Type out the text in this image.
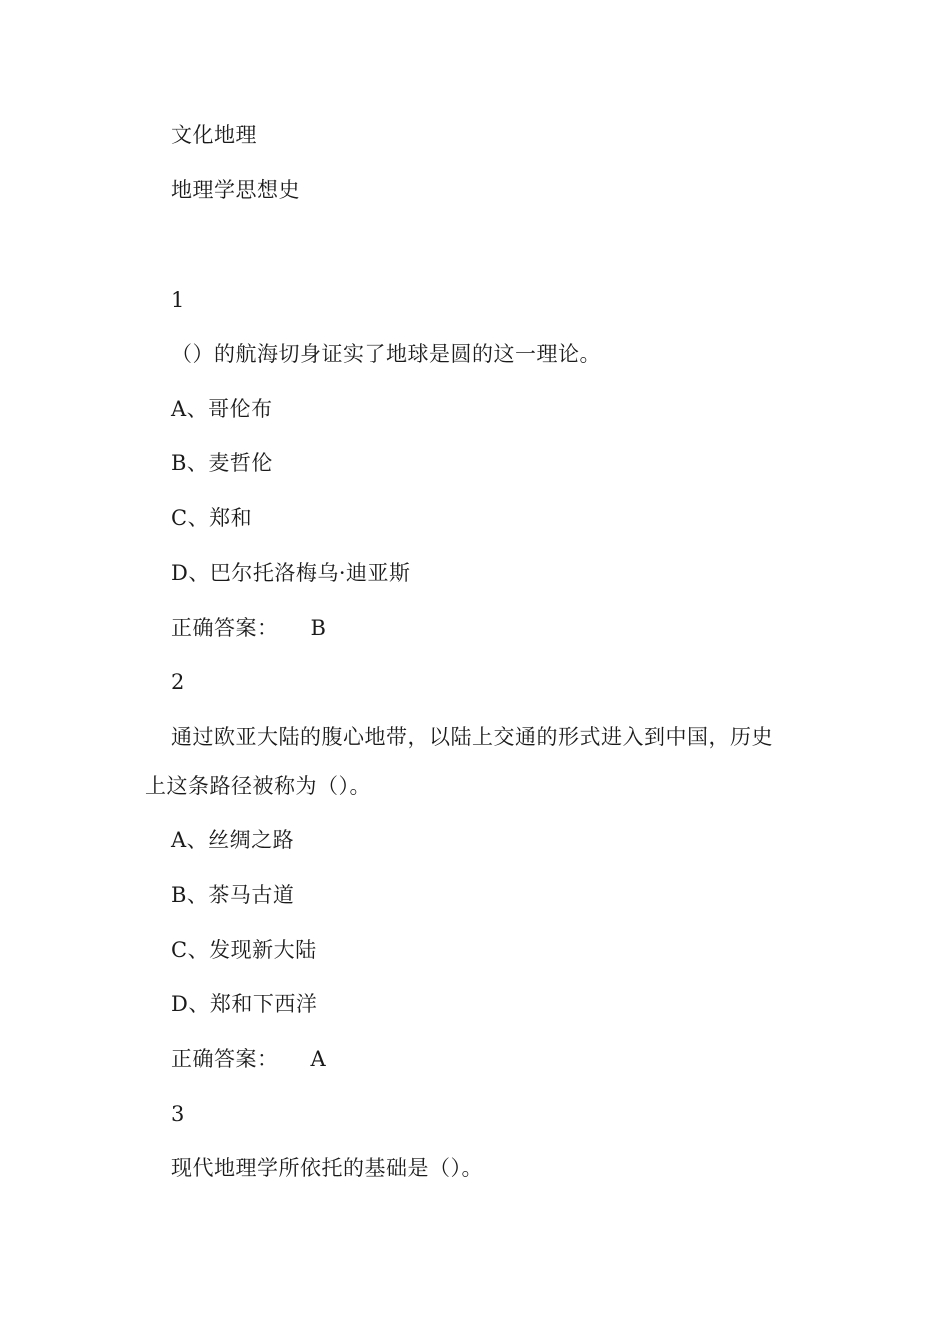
文化地理
地理学思想史
1
（）的航海切身证实了地球是圆的这一理论。
A、哥伦布
B、麦哲伦
C、郑和
D、巴尔托洛梅乌·迪亚斯
正确答案： B
2
通过欧亚大陆的腹心地带，以陆上交通的形式进入到中国，历史
上这条路径被称为（）。
A、丝绸之路
B、茶马古道
C、发现新大陆
D、郑和下西洋
正确答案： A
3
现代地理学所依托的基础是（）。
